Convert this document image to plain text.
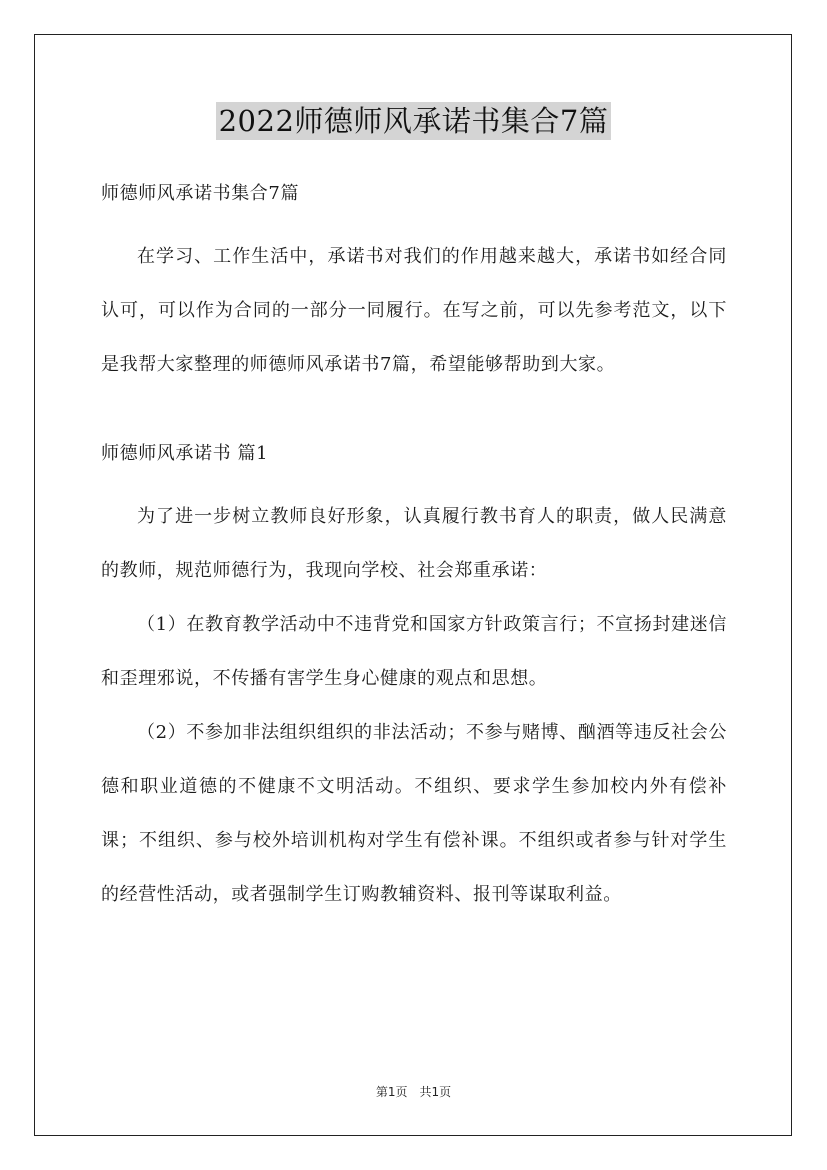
2022师德师风承诺书集合7篇

师德师风承诺书集合7篇

在学习、工作生活中，承诺书对我们的作用越来越大，承诺书如经合同认可，可以作为合同的一部分一同履行。在写之前，可以先参考范文，以下是我帮大家整理的师德师风承诺书7篇，希望能够帮助到大家。

师德师风承诺书 篇1

为了进一步树立教师良好形象，认真履行教书育人的职责，做人民满意的教师，规范师德行为，我现向学校、社会郑重承诺：

（1）在教育教学活动中不违背党和国家方针政策言行；不宣扬封建迷信和歪理邪说，不传播有害学生身心健康的观点和思想。

（2）不参加非法组织组织的非法活动；不参与赌博、酗酒等违反社会公德和职业道德的不健康不文明活动。不组织、要求学生参加校内外有偿补课；不组织、参与校外培训机构对学生有偿补课。不组织或者参与针对学生的经营性活动，或者强制学生订购教辅资料、报刊等谋取利益。

第1页　共1页
